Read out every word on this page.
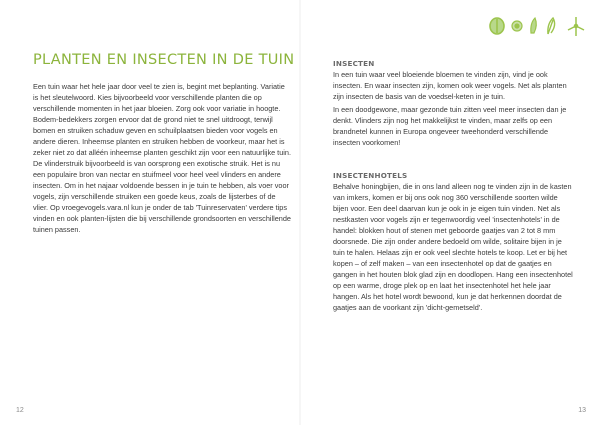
PLANTEN EN INSECTEN IN DE TUIN

Een tuin waar het hele jaar door veel te zien is, begint met beplanting. Variatie is het sleutelwoord. Kies bijvoorbeeld voor verschillende planten die op verschillende momenten in het jaar bloeien. Zorg ook voor variatie in hoogte. Bodem-bedekkers zorgen ervoor dat de grond niet te snel uitdroogt, terwijl bomen en struiken schaduw geven en schuilplaatsen bieden voor vogels en andere dieren. Inheemse planten en struiken hebben de voorkeur, maar het is zeker niet zo dat alléén inheemse planten geschikt zijn voor een natuurlijke tuin. De vlinderstruik bijvoorbeeld is van oorsprong een exotische struik. Het is nu een populaire bron van nectar en stuifmeel voor heel veel vlinders en andere insecten. Om in het najaar voldoende bessen in je tuin te hebben, als voer voor vogels, zijn verschillende struiken een goede keus, zoals de lijsterbes of de vlier. Op vroegevogels.vara.nl kun je onder de tab 'Tuinreservaten' verdere tips vinden en ook planten-lijsten die bij verschillende grondsoorten en verschillende tuinen passen.

12
INSECTEN

In een tuin waar veel bloeiende bloemen te vinden zijn, vind je ook insecten. En waar insecten zijn, komen ook weer vogels. Net als planten zijn insecten de basis van de voedsel-keten in je tuin.

In een doodgewone, maar gezonde tuin zitten veel meer insecten dan je denkt. Vlinders zijn nog het makkelijkst te vinden, maar zelfs op een brandnetel kunnen in Europa ongeveer tweehonderd verschillende insecten voorkomen!

INSECTENHOTELS

Behalve honingbijen, die in ons land alleen nog te vinden zijn in de kasten van imkers, komen er bij ons ook nog 360 verschillende soorten wilde bijen voor. Een deel daarvan kun je ook in je eigen tuin vinden. Net als nestkasten voor vogels zijn er tegenwoordig veel 'insectenhotels' in de handel: blokken hout of stenen met geboorde gaatjes van 2 tot 8 mm doorsnede. Die zijn onder andere bedoeld om wilde, solitaire bijen in je tuin te halen. Helaas zijn er ook veel slechte hotels te koop. Let er bij het kopen – of zelf maken – van een insectenhotel op dat de gaatjes en gangen in het houten blok glad zijn en doodlopen. Hang een insectenhotel op een warme, droge plek op en laat het insectenhotel het hele jaar hangen. Als het hotel wordt bewoond, kun je dat herkennen doordat de gaatjes aan de voorkant zijn 'dicht-gemetseld'.

13
